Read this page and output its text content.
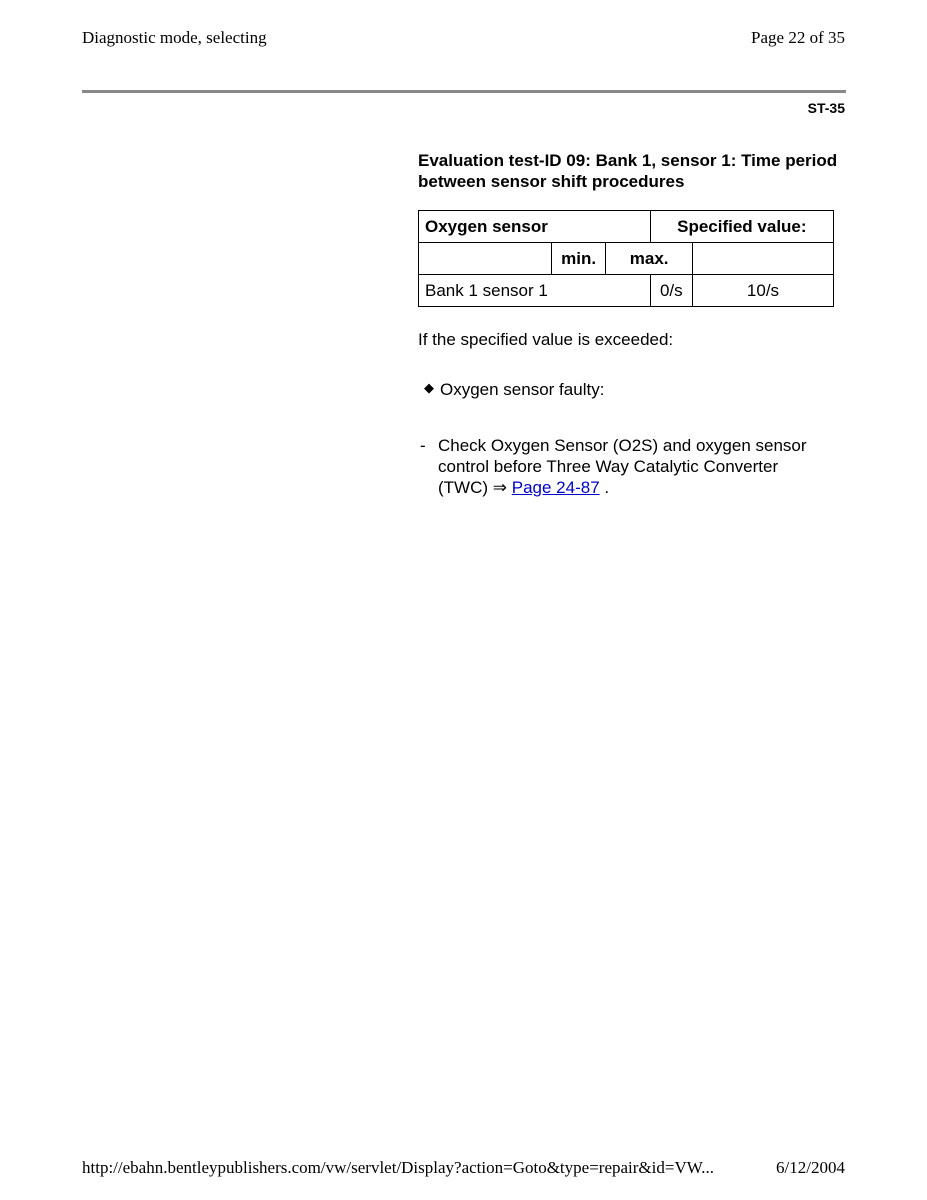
Diagnostic mode, selecting	Page 22 of 35
ST-35
Evaluation test-ID 09: Bank 1, sensor 1: Time period between sensor shift procedures
Oxygen sensor			Specified value:	
	min.	max.		
Bank 1 sensor 1			0/s	10/s
If the specified value is exceeded:
◆ Oxygen sensor faulty:
- Check Oxygen Sensor (O2S) and oxygen sensor control before Three Way Catalytic Converter (TWC) ⇒ Page 24-87 .
http://ebahn.bentleypublishers.com/vw/servlet/Display?action=Goto&type=repair&id=VW...	6/12/2004
